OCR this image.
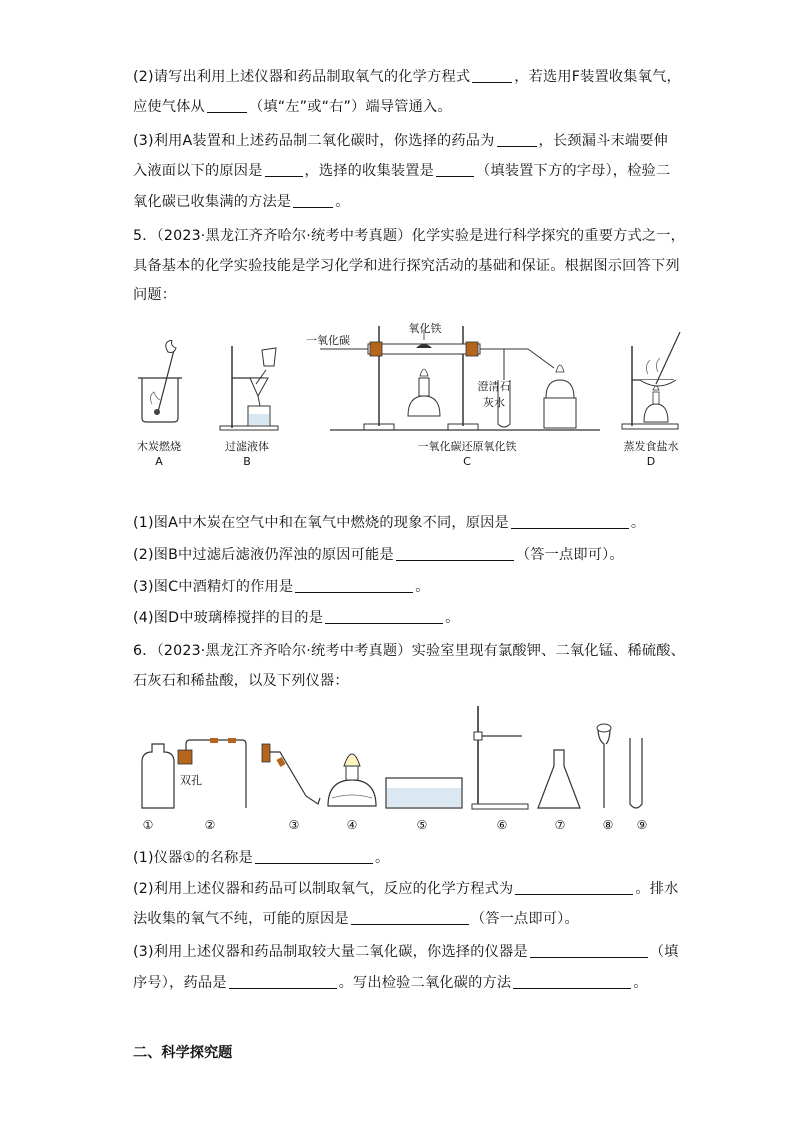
(2)请写出利用上述仪器和药品制取氧气的化学方程式	，若选用F装置收集氧气，
应使气体从	（填“左”或“右”）端导管通入。
(3)利用A装置和上述药品制二氧化碳时，你选择的药品为	，长颈漏斗末端要伸
入液面以下的原因是	，选择的收集装置是	（填装置下方的字母），检验二
氧化碳已收集满的方法是	。
5．（2023·黑龙江齐齐哈尔·统考中考真题）化学实验是进行科学探究的重要方式之一，
具备基本的化学实验技能是学习化学和进行探究活动的基础和保证。根据图示回答下列
问题：
木炭燃烧
A
过滤液体
B
一氧化碳
氧化铁
澄清石
灰水
一氧化碳还原氧化铁
C
蒸发食盐水
D
(1)图A中木炭在空气中和在氧气中燃烧的现象不同，原因是	。
(2)图B中过滤后滤液仍浑浊的原因可能是	（答一点即可）。
(3)图C中酒精灯的作用是	。
(4)图D中玻璃棒搅拌的目的是	。
6．（2023·黑龙江齐齐哈尔·统考中考真题）实验室里现有氯酸钾、二氧化锰、稀硫酸、
石灰石和稀盐酸，以及下列仪器：
双孔
①	②	③	④	⑤	⑥	⑦	⑧	⑨
(1)仪器①的名称是	。
(2)利用上述仪器和药品可以制取氧气，反应的化学方程式为	。排水
法收集的氧气不纯，可能的原因是	（答一点即可）。
(3)利用上述仪器和药品制取较大量二氧化碳，你选择的仪器是	（填
序号），药品是	。写出检验二氧化碳的方法	。
二、科学探究题
